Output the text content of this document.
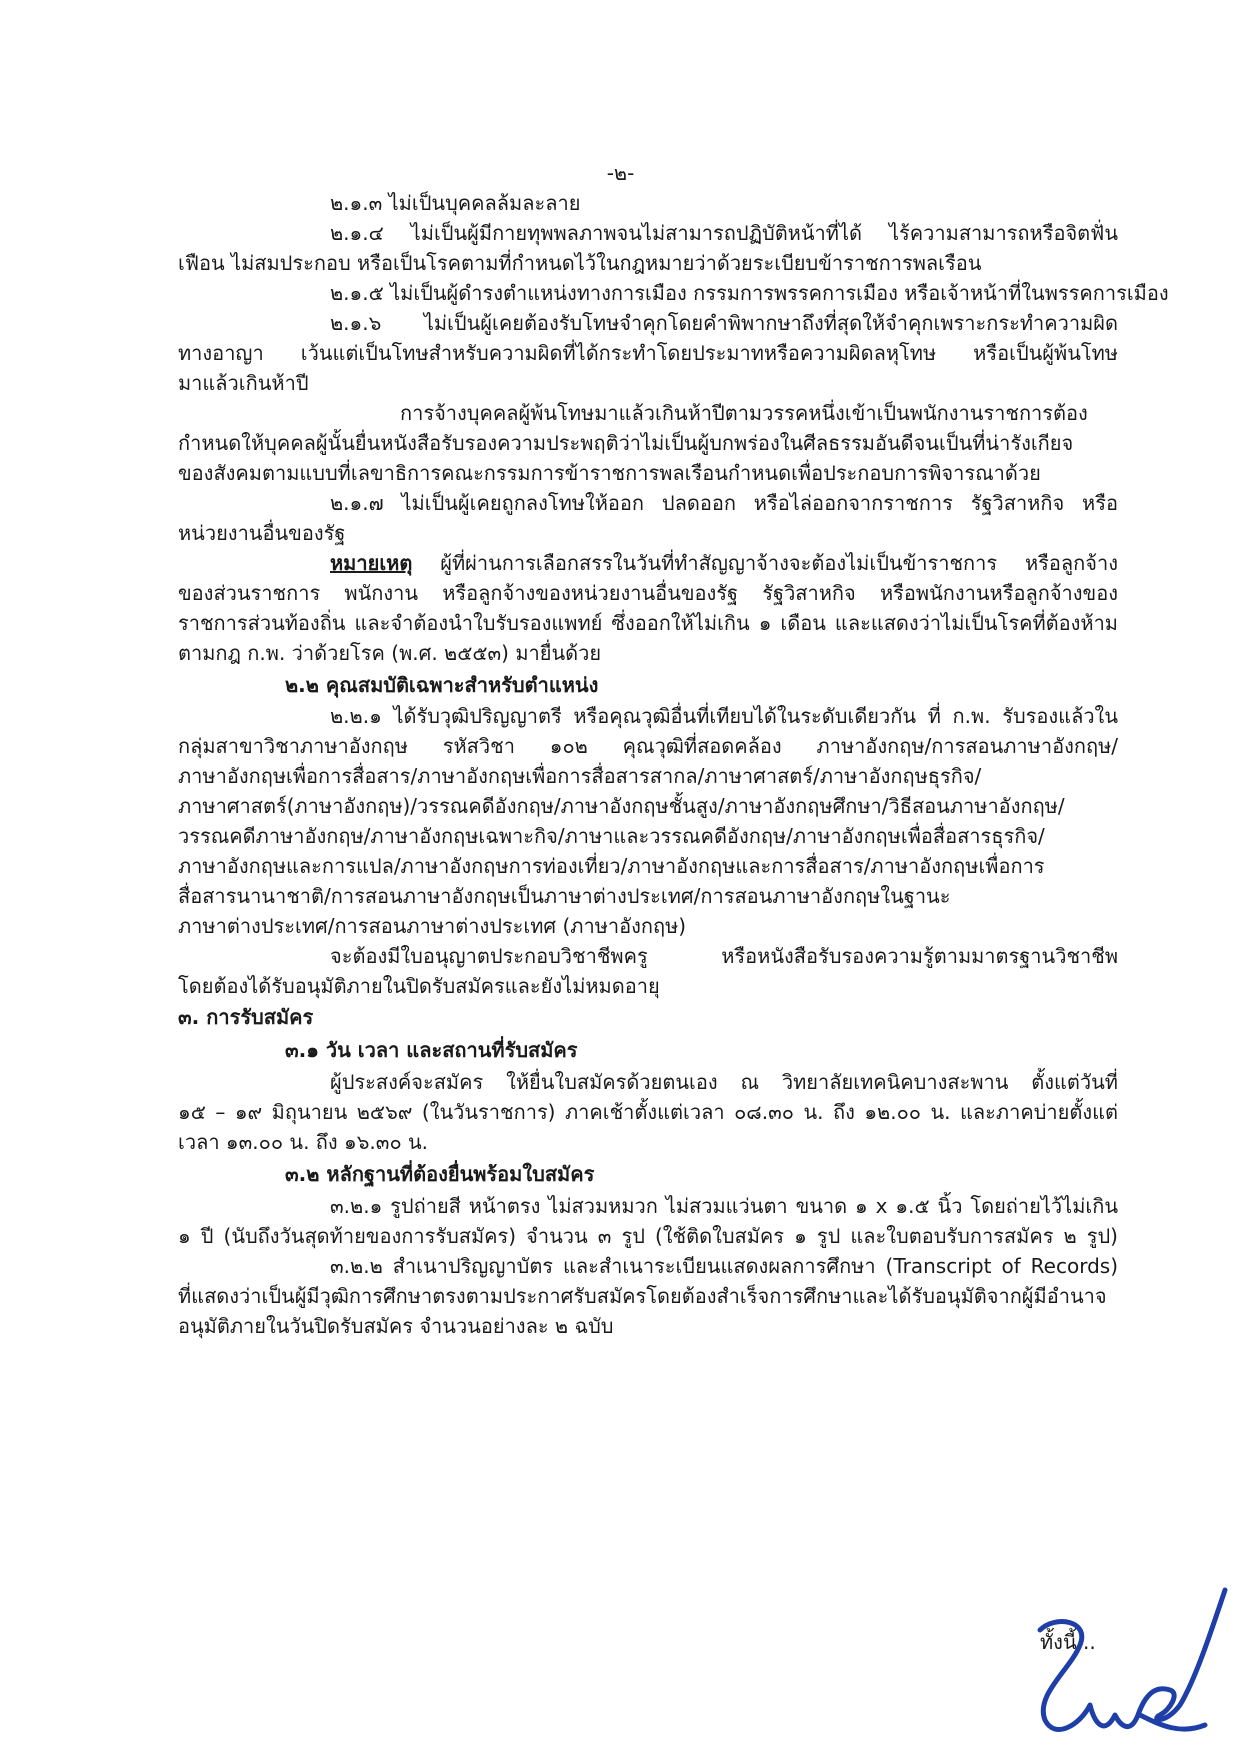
-๒-
๒.๑.๓ ไม่เป็นบุคคลล้มละลาย
๒.๑.๔ ไม่เป็นผู้มีกายทุพพลภาพจนไม่สามารถปฏิบัติหน้าที่ได้ ไร้ความสามารถหรือจิตฟั่น
เฟือน ไม่สมประกอบ หรือเป็นโรคตามที่กำหนดไว้ในกฎหมายว่าด้วยระเบียบข้าราชการพลเรือน
๒.๑.๕ ไม่เป็นผู้ดำรงตำแหน่งทางการเมือง กรรมการพรรคการเมือง หรือเจ้าหน้าที่ในพรรคการเมือง
๒.๑.๖ ไม่เป็นผู้เคยต้องรับโทษจำคุกโดยคำพิพากษาถึงที่สุดให้จำคุกเพราะกระทำความผิด
ทางอาญา เว้นแต่เป็นโทษสำหรับความผิดที่ได้กระทำโดยประมาทหรือความผิดลหุโทษ หรือเป็นผู้พ้นโทษ
มาแล้วเกินห้าปี
การจ้างบุคคลผู้พ้นโทษมาแล้วเกินห้าปีตามวรรคหนึ่งเข้าเป็นพนักงานราชการต้อง
กำหนดให้บุคคลผู้นั้นยื่นหนังสือรับรองความประพฤติว่าไม่เป็นผู้บกพร่องในศีลธรรมอันดีจนเป็นที่น่ารังเกียจ
ของสังคมตามแบบที่เลขาธิการคณะกรรมการข้าราชการพลเรือนกำหนดเพื่อประกอบการพิจารณาด้วย
๒.๑.๗ ไม่เป็นผู้เคยถูกลงโทษให้ออก ปลดออก หรือไล่ออกจากราชการ รัฐวิสาหกิจ หรือ
หน่วยงานอื่นของรัฐ
หมายเหตุ ผู้ที่ผ่านการเลือกสรรในวันที่ทำสัญญาจ้างจะต้องไม่เป็นข้าราชการ หรือลูกจ้าง
ของส่วนราชการ พนักงาน หรือลูกจ้างของหน่วยงานอื่นของรัฐ รัฐวิสาหกิจ หรือพนักงานหรือลูกจ้างของ
ราชการส่วนท้องถิ่น และจำต้องนำใบรับรองแพทย์ ซึ่งออกให้ไม่เกิน ๑ เดือน และแสดงว่าไม่เป็นโรคที่ต้องห้าม
ตามกฎ ก.พ. ว่าด้วยโรค (พ.ศ. ๒๕๕๓) มายื่นด้วย
๒.๒ คุณสมบัติเฉพาะสำหรับตำแหน่ง
๒.๒.๑ ได้รับวุฒิปริญญาตรี หรือคุณวุฒิอื่นที่เทียบได้ในระดับเดียวกัน ที่ ก.พ. รับรองแล้วใน
กลุ่มสาขาวิชาภาษาอังกฤษ รหัสวิชา ๑๐๒ คุณวุฒิที่สอดคล้อง ภาษาอังกฤษ/การสอนภาษาอังกฤษ/
ภาษาอังกฤษเพื่อการสื่อสาร/ภาษาอังกฤษเพื่อการสื่อสารสากล/ภาษาศาสตร์/ภาษาอังกฤษธุรกิจ/
ภาษาศาสตร์(ภาษาอังกฤษ)/วรรณคดีอังกฤษ/ภาษาอังกฤษชั้นสูง/ภาษาอังกฤษศึกษา/วิธีสอนภาษาอังกฤษ/
วรรณคดีภาษาอังกฤษ/ภาษาอังกฤษเฉพาะกิจ/ภาษาและวรรณคดีอังกฤษ/ภาษาอังกฤษเพื่อสื่อสารธุรกิจ/
ภาษาอังกฤษและการแปล/ภาษาอังกฤษการท่องเที่ยว/ภาษาอังกฤษและการสื่อสาร/ภาษาอังกฤษเพื่อการ
สื่อสารนานาชาติ/การสอนภาษาอังกฤษเป็นภาษาต่างประเทศ/การสอนภาษาอังกฤษในฐานะ
ภาษาต่างประเทศ/การสอนภาษาต่างประเทศ (ภาษาอังกฤษ)
จะต้องมีใบอนุญาตประกอบวิชาชีพครู หรือหนังสือรับรองความรู้ตามมาตรฐานวิชาชีพ
โดยต้องได้รับอนุมัติภายในปิดรับสมัครและยังไม่หมดอายุ
๓. การรับสมัคร
๓.๑ วัน เวลา และสถานที่รับสมัคร
ผู้ประสงค์จะสมัคร ให้ยื่นใบสมัครด้วยตนเอง ณ วิทยาลัยเทคนิคบางสะพาน ตั้งแต่วันที่
๑๕ – ๑๙ มิถุนายน ๒๕๖๙ (ในวันราชการ) ภาคเช้าตั้งแต่เวลา ๐๘.๓๐ น. ถึง ๑๒.๐๐ น. และภาคบ่ายตั้งแต่
เวลา ๑๓.๐๐ น. ถึง ๑๖.๓๐ น.
๓.๒ หลักฐานที่ต้องยื่นพร้อมใบสมัคร
๓.๒.๑ รูปถ่ายสี หน้าตรง ไม่สวมหมวก ไม่สวมแว่นตา ขนาด ๑ x ๑.๕ นิ้ว โดยถ่ายไว้ไม่เกิน
๑ ปี (นับถึงวันสุดท้ายของการรับสมัคร) จำนวน ๓ รูป (ใช้ติดใบสมัคร ๑ รูป และใบตอบรับการสมัคร ๒ รูป)
๓.๒.๒ สำเนาปริญญาบัตร และสำเนาระเบียนแสดงผลการศึกษา (Transcript of Records)
ที่แสดงว่าเป็นผู้มีวุฒิการศึกษาตรงตามประกาศรับสมัครโดยต้องสำเร็จการศึกษาและได้รับอนุมัติจากผู้มีอำนาจ
อนุมัติภายในวันปิดรับสมัคร จำนวนอย่างละ ๒ ฉบับ
ทั้งนี้...
